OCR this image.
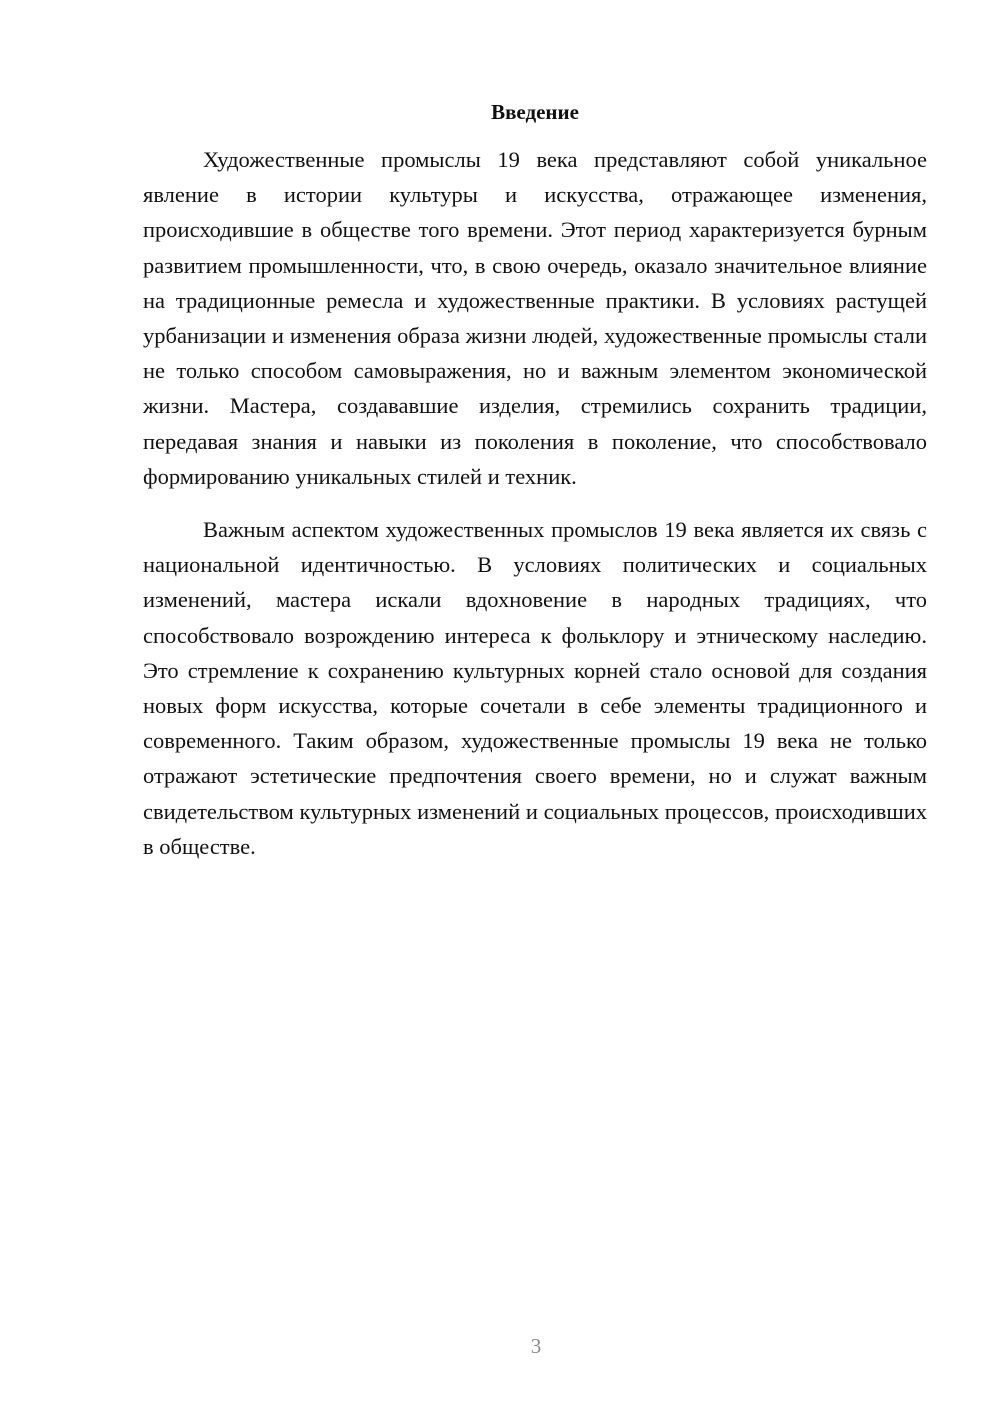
Введение

Художественные промыслы 19 века представляют собой уникальное явление в истории культуры и искусства, отражающее изменения, происходившие в обществе того времени. Этот период характеризуется бурным развитием промышленности, что, в свою очередь, оказало значительное влияние на традиционные ремесла и художественные практики. В условиях растущей урбанизации и изменения образа жизни людей, художественные промыслы стали не только способом самовыражения, но и важным элементом экономической жизни. Мастера, создававшие изделия, стремились сохранить традиции, передавая знания и навыки из поколения в поколение, что способствовало формированию уникальных стилей и техник.

Важным аспектом художественных промыслов 19 века является их связь с национальной идентичностью. В условиях политических и социальных изменений, мастера искали вдохновение в народных традициях, что способствовало возрождению интереса к фольклору и этническому наследию. Это стремление к сохранению культурных корней стало основой для создания новых форм искусства, которые сочетали в себе элементы традиционного и современного. Таким образом, художественные промыслы 19 века не только отражают эстетические предпочтения своего времени, но и служат важным свидетельством культурных изменений и социальных процессов, происходивших в обществе.

3
